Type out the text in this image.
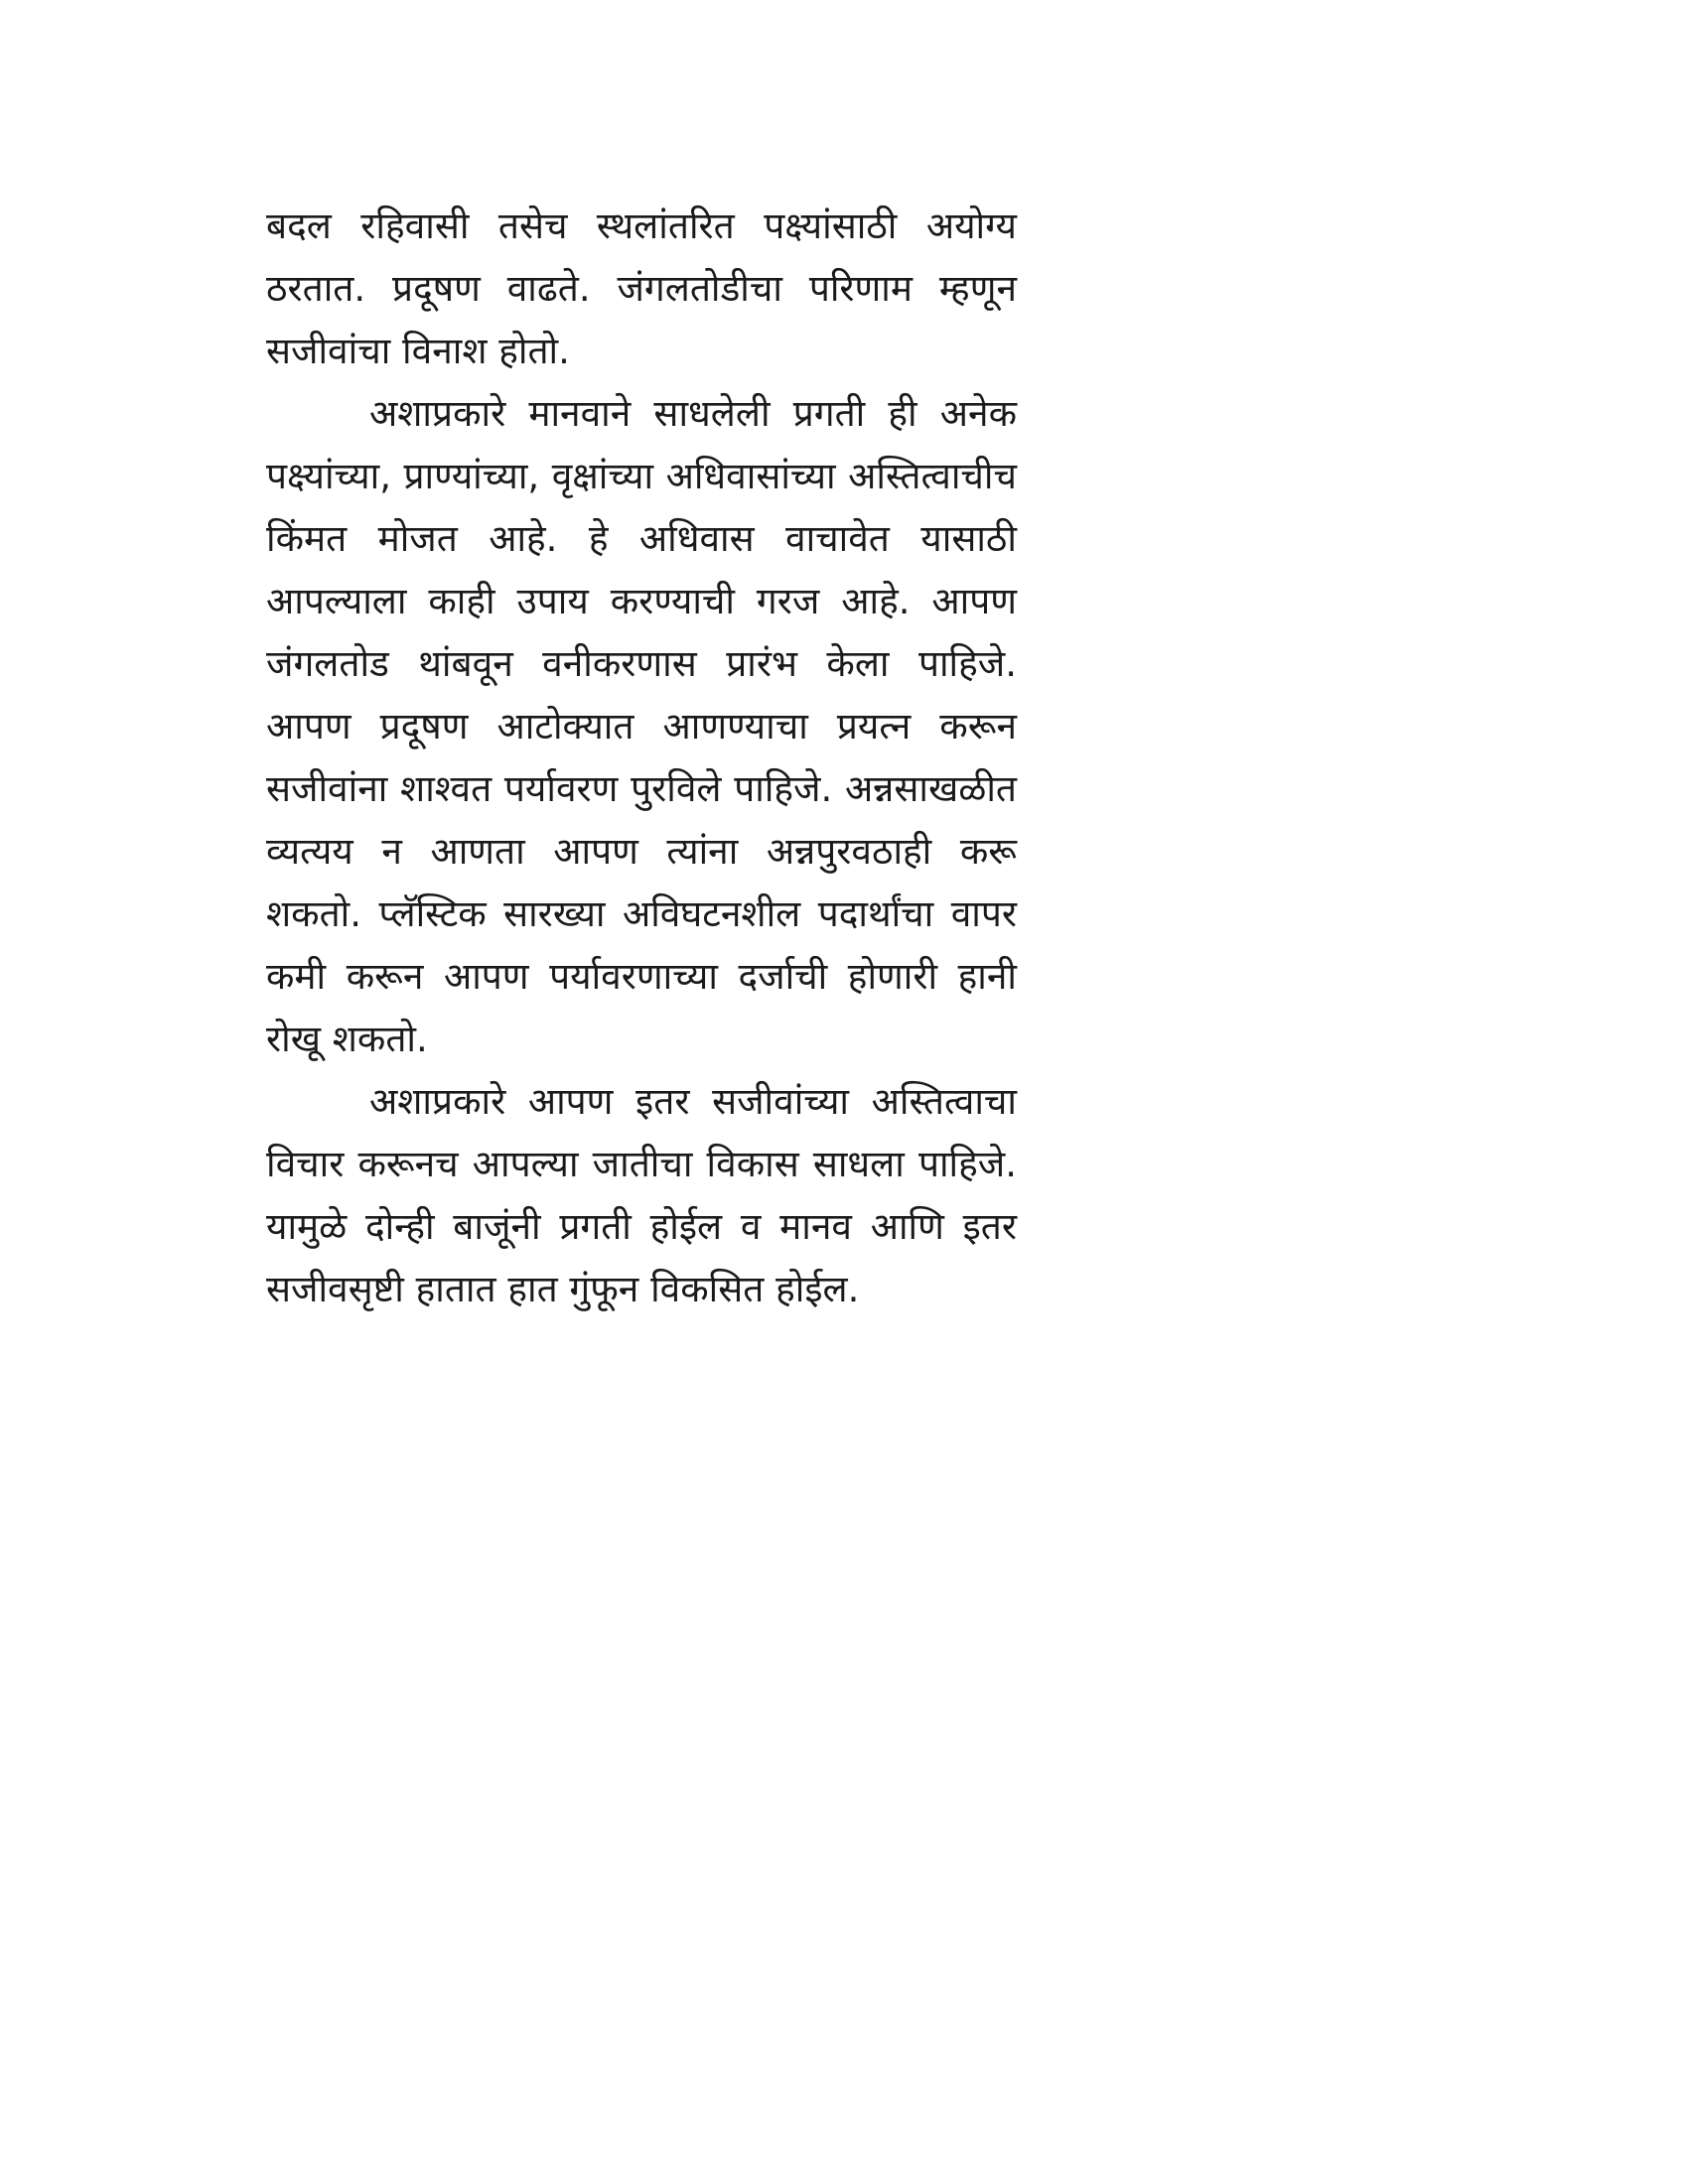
बदल रहिवासी तसेच स्थलांतरित पक्ष्यांसाठी अयोग्य ठरतात. प्रदूषण वाढते. जंगलतोडीचा परिणाम म्हणून सजीवांचा विनाश होतो.

अशाप्रकारे मानवाने साधलेली प्रगती ही अनेक पक्ष्यांच्या, प्राण्यांच्या, वृक्षांच्या अधिवासांच्या अस्तित्वाचीच किंमत मोजत आहे. हे अधिवास वाचावेत यासाठी आपल्याला काही उपाय करण्याची गरज आहे. आपण जंगलतोड थांबवून वनीकरणास प्रारंभ केला पाहिजे. आपण प्रदूषण आटोक्यात आणण्याचा प्रयत्न करून सजीवांना शाश्वत पर्यावरण पुरविले पाहिजे. अन्नसाखळीत व्यत्यय न आणता आपण त्यांना अन्नपुरवठाही करू शकतो. प्लॅस्टिक सारख्या अविघटनशील पदार्थांचा वापर कमी करून आपण पर्यावरणाच्या दर्जाची होणारी हानी रोखू शकतो.

अशाप्रकारे आपण इतर सजीवांच्या अस्तित्वाचा विचार करूनच आपल्या जातीचा विकास साधला पाहिजे. यामुळे दोन्ही बाजूंनी प्रगती होईल व मानव आणि इतर सजीवसृष्टी हातात हात गुंफून विकसित होईल.
